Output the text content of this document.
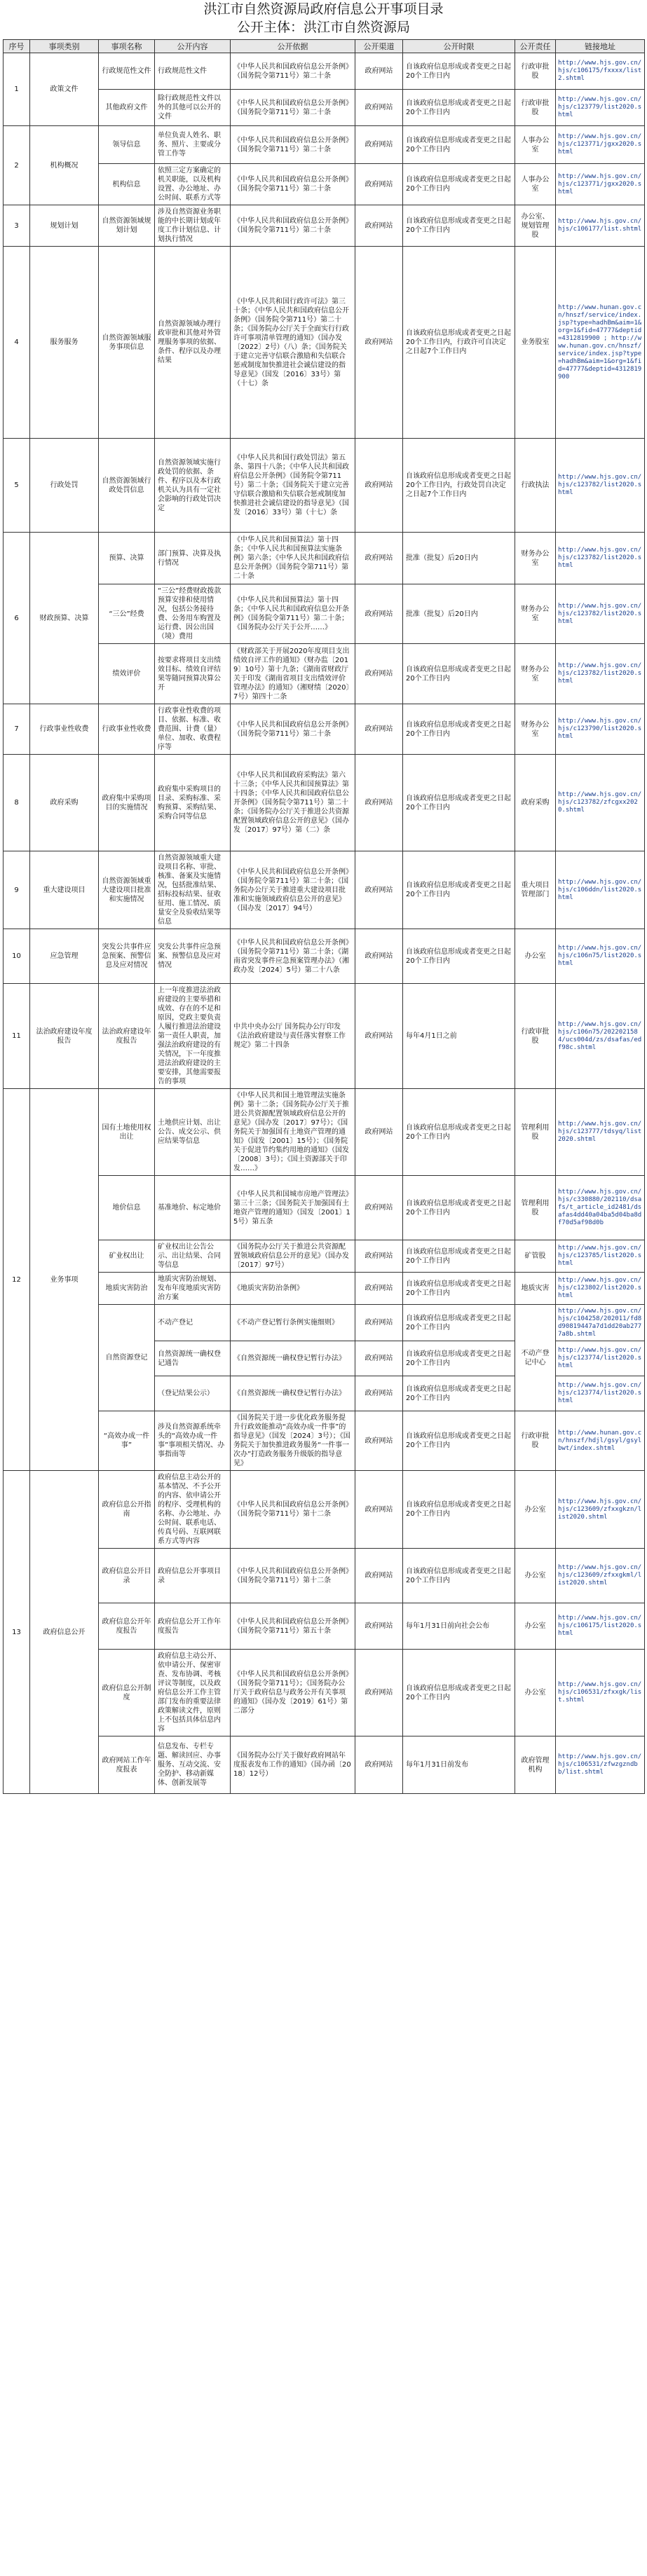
洪江市自然资源局政府信息公开事项目录
公开主体：洪江市自然资源局
序号	事项类别	事项名称	公开内容	公开依据	公开渠道	公开时限	公开责任	链接地址
1	政策文件	行政规范性文件	行政规范性文件	《中华人民共和国政府信息公开条例》（国务院令第711号）第二十条	政府网站	自该政府信息形成或者变更之日起20个工作日内	行政审批股	http://www.hjs.gov.cn/hjs/c106175/fxxxx/list2.shtml
		其他政府文件	除行政规范性文件以外的其他可以公开的文件	《中华人民共和国政府信息公开条例》（国务院令第711号）第二十条	政府网站	自该政府信息形成或者变更之日起20个工作日内	行政审批股	http://www.hjs.gov.cn/hjs/c123779/list2020.shtml
2	机构概况	领导信息	单位负责人姓名、职务、照片、主要或分管工作等	《中华人民共和国政府信息公开条例》（国务院令第711号）第二十条	政府网站	自该政府信息形成或者变更之日起20个工作日内	人事办公室	http://www.hjs.gov.cn/hjs/c123771/jgxx2020.shtml
		机构信息	依照三定方案确定的机关职能，以及机构设置、办公地址、办公时间、联系方式等	《中华人民共和国政府信息公开条例》（国务院令第711号）第二十条	政府网站	自该政府信息形成或者变更之日起20个工作日内	人事办公室	http://www.hjs.gov.cn/hjs/c123771/jgxx2020.shtml
3	规划计划	自然资源领域规划计划	涉及自然资源业务职能的中长期计划或年度工作计划信息、计划执行情况	《中华人民共和国政府信息公开条例》（国务院令第711号）第二十条	政府网站	自该政府信息形成或者变更之日起20个工作日内	办公室、规划管理股	http://www.hjs.gov.cn/hjs/c106177/list.shtml
4	服务服务	自然资源领域服务事项信息	自然资源领域办理行政审批和其他对外管理服务事项的依据、条件、程序以及办理结果	《中华人民共和国行政许可法》第三十条；《中华人民共和国政府信息公开条例》（国务院令第711号）第二十条；《国务院办公厅关于全面实行行政许可事项清单管理的通知》（国办发〔2022〕2号）（八）条；《国务院关于建立完善守信联合激励和失信联合惩戒制度加快推进社会诚信建设的指导意见》（国发〔2016〕33号）第（十七）条	政府网站	自该政府信息形成或者变更之日起20个工作日内，行政许可自决定之日起7个工作日内	业务股室	http://www.hunan.gov.cn/hnszf/service/index.jsp?type=hadhBm&aim=1&org=1&fid=47777&deptid=4312819900 ; http://www.hunan.gov.cn/hnszf/service/index.jsp?type=hadhBm&aim=1&org=1&fid=47777&deptid=4312819900
5	行政处罚	自然资源领域行政处罚信息	自然资源领域实施行政处罚的依据、条件、程序以及本行政机关认为具有一定社会影响的行政处罚决定	《中华人民共和国行政处罚法》第五条、第四十八条；《中华人民共和国政府信息公开条例》（国务院令第711号）第二十条；《国务院关于建立完善守信联合激励和失信联合惩戒制度加快推进社会诚信建设的指导意见》（国发〔2016〕33号）第（十七）条	政府网站	自该政府信息形成或者变更之日起20个工作日内，行政处罚自决定之日起7个工作日内	行政执法	http://www.hjs.gov.cn/hjs/c123782/list2020.shtml
6	财政预算、决算	预算、决算	部门预算、决算及执行情况	《中华人民共和国预算法》第十四条；《中华人民共和国预算法实施条例》第六条；《中华人民共和国政府信息公开条例》（国务院令第711号）第二十条	政府网站	批准（批复）后20日内	财务办公室	http://www.hjs.gov.cn/hjs/c123782/list2020.shtml
		“三公”经费	“三公”经费财政拨款预算安排和使用情况，包括公务接待费、公务用车购置及运行费、因公出国（境）费用	《中华人民共和国预算法》第十四条；《中华人民共和国政府信息公开条例》（国务院令第711号）第二十条；《国务院办公厅关于公开……》	政府网站	批准（批复）后20日内	财务办公室	http://www.hjs.gov.cn/hjs/c123782/list2020.shtml
		绩效评价	按要求将项目支出绩效目标、绩效自评结果等随同预算决算公开	《财政部关于开展2020年度项目支出绩效自评工作的通知》（财办监〔2019〕10号）第十九条；《湖南省财政厅关于印发《湖南省项目支出绩效评价管理办法》的通知》（湘财绩〔2020〕7号）第四十二条	政府网站	自该政府信息形成或者变更之日起20个工作日内	财务办公室	http://www.hjs.gov.cn/hjs/c123782/list2020.shtml
7	行政事业性收费	行政事业性收费	行政事业性收费的项目、依据、标准、收费范围、计费（量）单位、加收、收费程序等	《中华人民共和国政府信息公开条例》（国务院令第711号）第二十条	政府网站	自该政府信息形成或者变更之日起20个工作日内	财务办公室	http://www.hjs.gov.cn/hjs/c123790/list2020.shtml
8	政府采购	政府集中采购项目的实施情况	政府集中采购项目的目录、采购标准、采购预算、采购结果、采购合同等信息	《中华人民共和国政府采购法》第六十三条；《中华人民共和国预算法》第十四条；《中华人民共和国政府信息公开条例》（国务院令第711号）第二十条；《国务院办公厅关于推进公共资源配置领域政府信息公开的意见》（国办发〔2017〕97号）第（二）条	政府网站	自该政府信息形成或者变更之日起20个工作日内	政府采购	http://www.hjs.gov.cn/hjs/c123782/zfcgxx2020.shtml
9	重大建设项目	自然资源领域重大建设项目批准和实施情况	自然资源领域重大建设项目名称、审批、核准、备案及实施情况，包括批准结果、招标投标结果、征收征用、施工情况、质量安全及验收结果等信息	《中华人民共和国政府信息公开条例》（国务院令第711号）第二十条；《国务院办公厅关于推进重大建设项目批准和实施领域政府信息公开的意见》（国办发〔2017〕94号）	政府网站	自该政府信息形成或者变更之日起20个工作日内	重大项目管理部门	http://www.hjs.gov.cn/hjs/c106ddn/list2020.shtml
10	应急管理	突发公共事件应急预案、预警信息及应对情况	突发公共事件应急预案、预警信息及应对情况	《中华人民共和国政府信息公开条例》（国务院令第711号）第二十条；《湖南省突发事件应急预案管理办法》（湘政办发〔2024〕5号）第二十八条	政府网站	自该政府信息形成或者变更之日起20个工作日内	办公室	http://www.hjs.gov.cn/hjs/c106n75/list2020.shtml
11	法治政府建设年度报告	法治政府建设年度报告	上一年度推进法治政府建设的主要举措和成效、存在的不足和原因，党政主要负责人履行推进法治建设第一责任人职责，加强法治政府建设的有关情况，下一年度推进法治政府建设的主要安排，其他需要报告的事项	中共中央办公厅 国务院办公厅印发《法治政府建设与责任落实督察工作规定》第二十四条	政府网站	每年4月1日之前	行政审批股	http://www.hjs.gov.cn/hjs/c106n75/2022021584/ucs004d/zs/dsafas/edf98c.shtml
12	业务事项	国有土地使用权出让	土地供应计划、出让公告、成交公示、供应结果等信息	《中华人民共和国土地管理法实施条例》第十二条；《国务院办公厅关于推进公共资源配置领域政府信息公开的意见》（国办发〔2017〕97号）；《国务院关于加强国有土地资产管理的通知》（国发〔2001〕15号）；《国务院关于促进节约集约用地的通知》（国发〔2008〕3号）；《国土资源部关于印发……》	政府网站	自该政府信息形成或者变更之日起20个工作日内	管理利用股	http://www.hjs.gov.cn/hjs/c123777/tdsyq/list2020.shtml
		地价信息	基准地价、标定地价	《中华人民共和国城市房地产管理法》第三十三条；《国务院关于加强国有土地资产管理的通知》（国发〔2001〕15号）第五条	政府网站	自该政府信息形成或者变更之日起20个工作日内	管理利用股	http://www.hjs.gov.cn/hjs/c330880/202110/dsafs/t_article_id2481/dsafas4dd40a04ba5d04ba8df70d5af98d0b
		矿业权出让	矿业权出让公告公示、出让结果、合同等信息	《国务院办公厅关于推进公共资源配置领域政府信息公开的意见》（国办发〔2017〕97号）	政府网站	自该政府信息形成或者变更之日起20个工作日内	矿管股	http://www.hjs.gov.cn/hjs/c123785/list2020.shtml
		地质灾害防治	地质灾害防治规划、发布年度地质灾害防治方案	《地质灾害防治条例》	政府网站	自该政府信息形成或者变更之日起20个工作日内	地质灾害	http://www.hjs.gov.cn/hjs/c123802/list2020.shtml
		自然资源登记	不动产登记	《不动产登记暂行条例实施细则》	政府网站	自该政府信息形成或者变更之日起20个工作日内	不动产登记中心	http://www.hjs.gov.cn/hjs/c104258/202011/fd8d90819447a7d1dd20ab2777a8b.shtml
			自然资源统一确权登记通告	《自然资源统一确权登记暂行办法》	政府网站	自该政府信息形成或者变更之日起20个工作日内		http://www.hjs.gov.cn/hjs/c123774/list2020.shtml
			（登记结果公示）	《自然资源统一确权登记暂行办法》	政府网站	自该政府信息形成或者变更之日起20个工作日内		http://www.hjs.gov.cn/hjs/c123774/list2020.shtml
		“高效办成一件事”	涉及自然资源系统牵头的“高效办成一件事”事项相关情况、办事指南等	《国务院关于进一步优化政务服务提升行政效能推动“高效办成一件事”的指导意见》（国发〔2024〕3号）；《国务院关于加快推进政务服务“一件事一次办”打造政务服务升级版的指导意见》	政府网站	自该政府信息形成或者变更之日起20个工作日内	行政审批股	http://www.hunan.gov.cn/hnszf/hdjl/gsyl/gsylbwt/index.shtml
13	政府信息公开	政府信息公开指南	政府信息主动公开的基本情况、不予公开的内容、依申请公开的程序、受理机构的名称、办公地址、办公时间、联系电话、传真号码、互联网联系方式等内容	《中华人民共和国政府信息公开条例》（国务院令第711号）第十二条	政府网站	自该政府信息形成或者变更之日起20个工作日内	办公室	http://www.hjs.gov.cn/hjs/c123609/zfxxgkzn/list2020.shtml
		政府信息公开目录	政府信息公开事项目录	《中华人民共和国政府信息公开条例》（国务院令第711号）第十二条	政府网站	自该政府信息形成或者变更之日起20个工作日内	办公室	http://www.hjs.gov.cn/hjs/c123609/zfxxgkml/list2020.shtml
		政府信息公开年度报告	政府信息公开工作年度报告	《中华人民共和国政府信息公开条例》（国务院令第711号）第五十条	政府网站	每年1月31日前向社会公布	办公室	http://www.hjs.gov.cn/hjs/c106175/list2020.shtml
		政府信息公开制度	政府信息主动公开、依申请公开、保密审查、发布协调、考核评议等制度，以及政府信息公开工作主管部门发布的重要法律政策解读文件，原则上不包括具体信息内容	《中华人民共和国政府信息公开条例》（国务院令第711号）；《国务院办公厅关于政府信息与政务公开有关事项的通知》（国办发〔2019〕61号）第二部分	政府网站	自该政府信息形成或者变更之日起20个工作日内	办公室	http://www.hjs.gov.cn/hjs/c106531/zfxxgk/list.shtml
		政府网站工作年度报表	信息发布、专栏专题、解读回应、办事服务、互动交流、安全防护、移动新媒体、创新发展等	《国务院办公厅关于做好政府网站年度报表发布工作的通知》（国办函〔2018〕12号）	政府网站	每年1月31日前发布	政府管理机构	http://www.hjs.gov.cn/hjs/c106531/zfwzgzndbb/list.shtml
